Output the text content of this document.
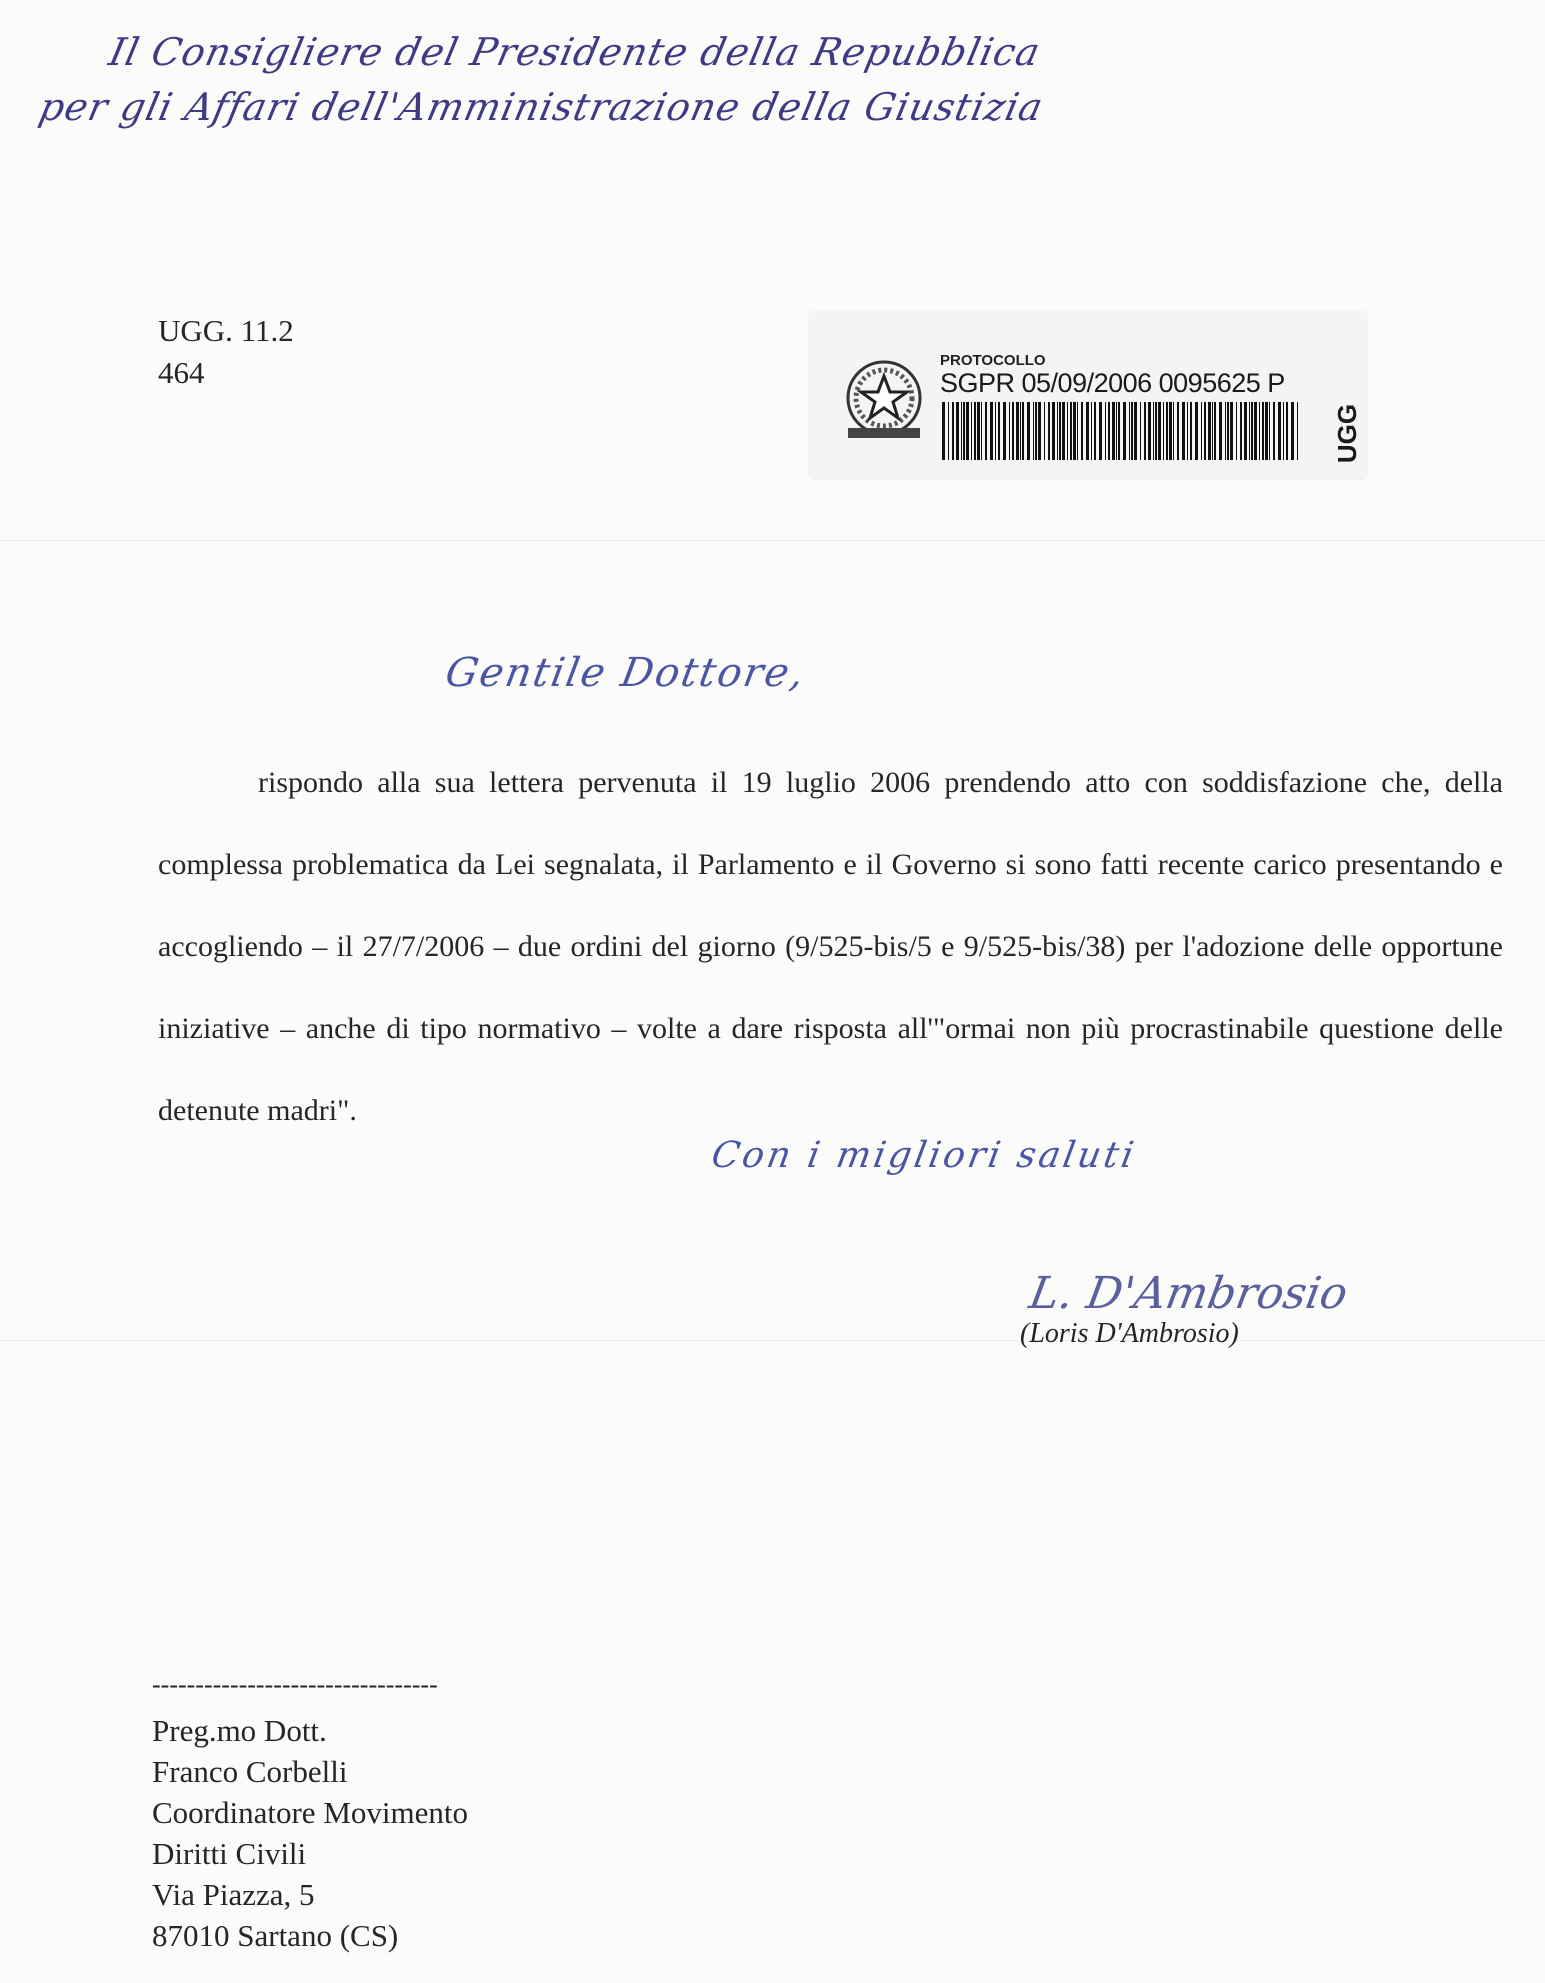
Il Consigliere del Presidente della Repubblica
per gli Affari dell'Amministrazione della Giustizia
UGG. 11.2
464	PROTOCOLLO
SGPR 05/09/2006 0095625 P
UGG
Gentile Dottore,

rispondo alla sua lettera pervenuta il 19 luglio 2006 prendendo atto con soddisfazione che, della complessa problematica da Lei segnalata, il Parlamento e il Governo si sono fatti recente carico presentando e accogliendo – il 27/7/2006 – due ordini del giorno (9/525-bis/5 e 9/525-bis/38) per l'adozione delle opportune iniziative – anche di tipo normativo – volte a dare risposta all'"ormai non più procrastinabile questione delle detenute madri".

Con i migliori saluti
L. D'Ambrosio
(Loris D'Ambrosio)
---------------------------------
Preg.mo Dott.
Franco Corbelli
Coordinatore Movimento
Diritti Civili
Via Piazza, 5
87010 Sartano (CS)
